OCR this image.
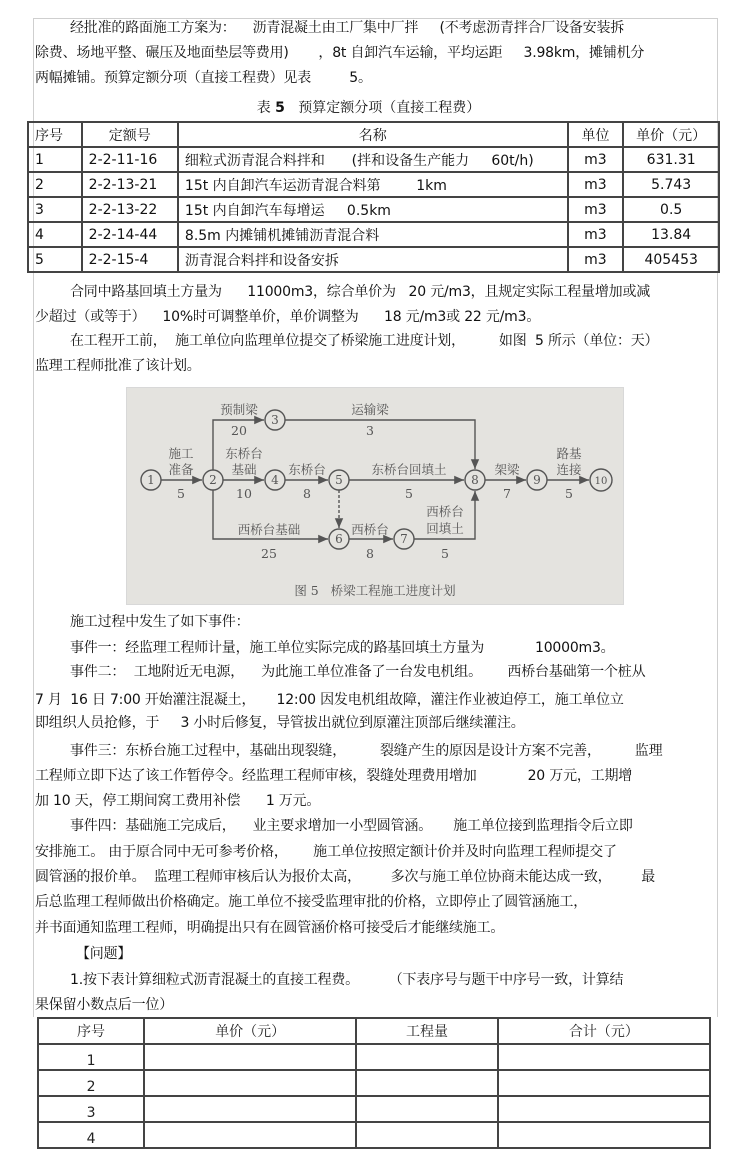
经批准的路面施工方案为：    沥青混凝土由工厂集中厂拌     (不考虑沥青拌合厂设备安装拆
除费、场地平整、碾压及地面垫层等费用)       ，8t 自卸汽车运输，平均运距     3.98km，摊铺机分
两幅摊铺。预算定额分项（直接工程费）见表         5。
表 5 预算定额分项（直接工程费）
序号	定额号	名称	单位	单价（元）
1	2-2-11-16	细粒式沥青混合料拌和      (拌和设备生产能力     60t/h)	m3	631.31
2	2-2-13-21	15t 内自卸汽车运沥青混合料第        1km	m3	5.743
3	2-2-13-22	15t 内自卸汽车每增运     0.5km	m3	0.5
4	2-2-14-44	8.5m 内摊铺机摊铺沥青混合料	m3	13.84
5	2-2-15-4	沥青混合料拌和设备安拆	m3	405453
合同中路基回填土方量为      11000m3，综合单价为   20 元/m3，且规定实际工程量增加或减
少超过（或等于）    10%时可调整单价，单价调整为      18 元/m3或 22 元/m3。
在工程开工前，  施工单位向监理单位提交了桥梁施工进度计划，        如图  5 所示（单位：天）
监理工程师批准了该计划。
1	2
3
4	5
6	7
8	9	10
施工
准备
5
预制梁
20
运输梁
3
东桥台
基础
10
东桥台
8
东桥台回填土
5
西桥台基础
25
西桥台
8
西桥台
回填土
5
架梁
7
路基
连接
5
图 5   桥梁工程施工进度计划
施工过程中发生了如下事件：
事件一：经监理工程师计量，施工单位实际完成的路基回填土方量为            10000m3。
事件二：  工地附近无电源，    为此施工单位准备了一台发电机组。      西桥台基础第一个桩从
7 月  16 日 7:00 开始灌注混凝土，     12:00 因发电机组故障，灌注作业被迫停工，施工单位立
即组织人员抢修，于     3 小时后修复，导管拔出就位到原灌注顶部后继续灌注。
事件三：东桥台施工过程中，基础出现裂缝，        裂缝产生的原因是设计方案不完善，        监理
工程师立即下达了该工作暂停令。经监理工程师审核，裂缝处理费用增加            20 万元，工期增
加 10 天，停工期间窝工费用补偿      1 万元。
事件四：基础施工完成后，    业主要求增加一小型圆管涵。     施工单位接到监理指令后立即
安排施工。 由于原合同中无可参考价格，      施工单位按照定额计价并及时向监理工程师提交了
圆管涵的报价单。  监理工程师审核后认为报价太高，       多次与施工单位协商未能达成一致，       最
后总监理工程师做出价格确定。施工单位不接受监理审批的价格，立即停止了圆管涵施工，
并书面通知监理工程师，明确提出只有在圆管涵价格可接受后才能继续施工。
【问题】
1.按下表计算细粒式沥青混凝土的直接工程费。       （下表序号与题干中序号一致，计算结
果保留小数点后一位）
序号	单价（元）	工程量	合计（元）
1			
2			
3			
4			
